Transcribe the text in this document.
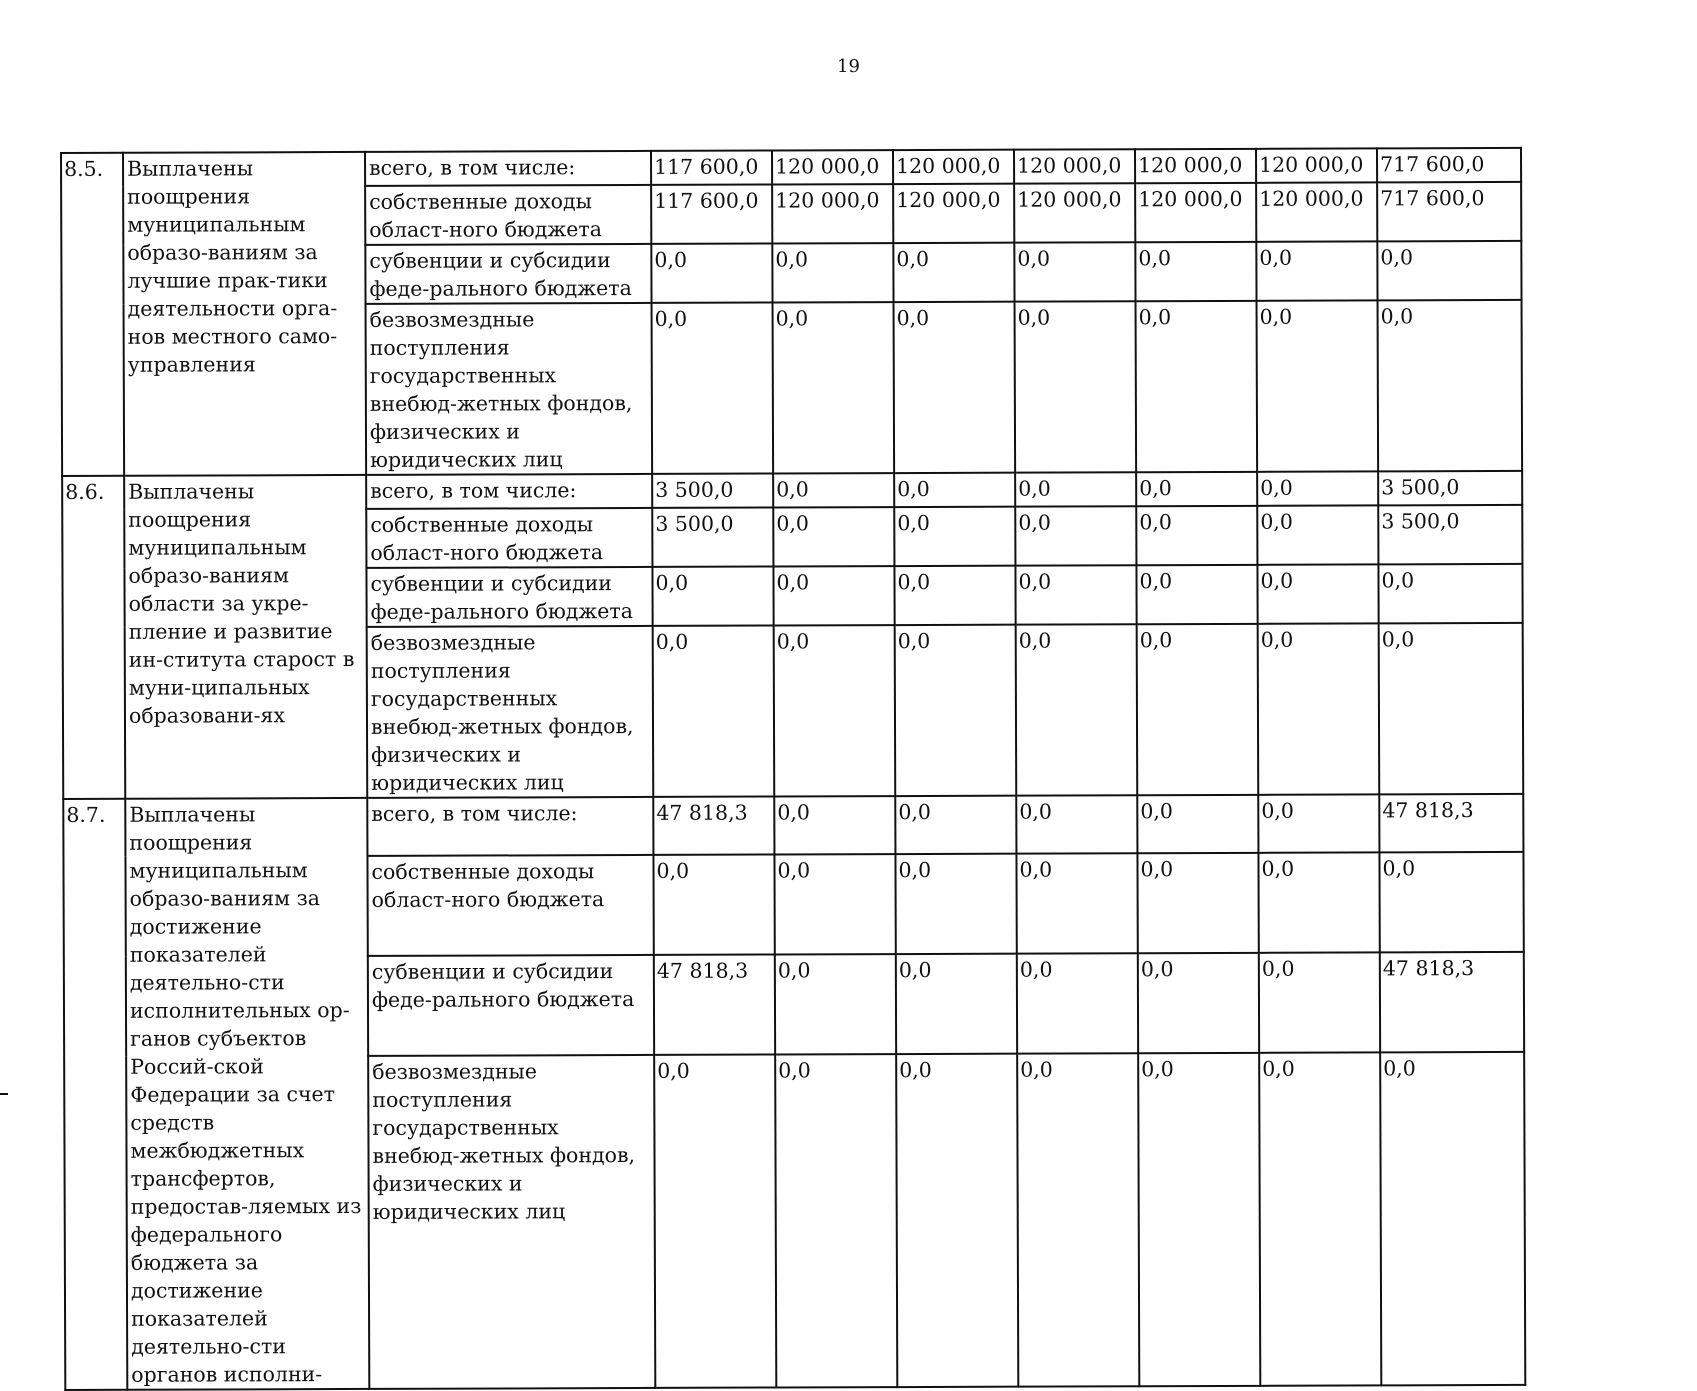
19
8.5.	Выплачены поощрения муниципальным образо-ваниям за лучшие прак-тики деятельности орга-нов местного само-управления	всего, в том числе:	117 600,0	120 000,0	120 000,0	120 000,0	120 000,0	120 000,0	717 600,0
		собственные доходы област-ного бюджета	117 600,0	120 000,0	120 000,0	120 000,0	120 000,0	120 000,0	717 600,0
		субвенции и субсидии феде-рального бюджета	0,0	0,0	0,0	0,0	0,0	0,0	0,0
		безвозмездные поступления государственных внебюд-жетных фондов, физических и юридических лиц	0,0	0,0	0,0	0,0	0,0	0,0	0,0
8.6.	Выплачены поощрения муниципальным образо-ваниям области за укре-пление и развитие ин-ститута старост в муни-ципальных образовани-ях	всего, в том числе:	3 500,0	0,0	0,0	0,0	0,0	0,0	3 500,0
		собственные доходы област-ного бюджета	3 500,0	0,0	0,0	0,0	0,0	0,0	3 500,0
		субвенции и субсидии феде-рального бюджета	0,0	0,0	0,0	0,0	0,0	0,0	0,0
		безвозмездные поступления государственных внебюд-жетных фондов, физических и юридических лиц	0,0	0,0	0,0	0,0	0,0	0,0	0,0
8.7.	Выплачены поощрения муниципальным образо-ваниям за достижение показателей деятельно-сти исполнительных ор-ганов субъектов Россий-ской Федерации за счет средств межбюджетных трансфертов, предостав-ляемых из федерального бюджета за достижение показателей деятельно-сти органов исполни-	всего, в том числе:	47 818,3	0,0	0,0	0,0	0,0	0,0	47 818,3
		собственные доходы област-ного бюджета	0,0	0,0	0,0	0,0	0,0	0,0	0,0
		субвенции и субсидии феде-рального бюджета	47 818,3	0,0	0,0	0,0	0,0	0,0	47 818,3
		безвозмездные поступления государственных внебюд-жетных фондов, физических и юридических лиц	0,0	0,0	0,0	0,0	0,0	0,0	0,0
